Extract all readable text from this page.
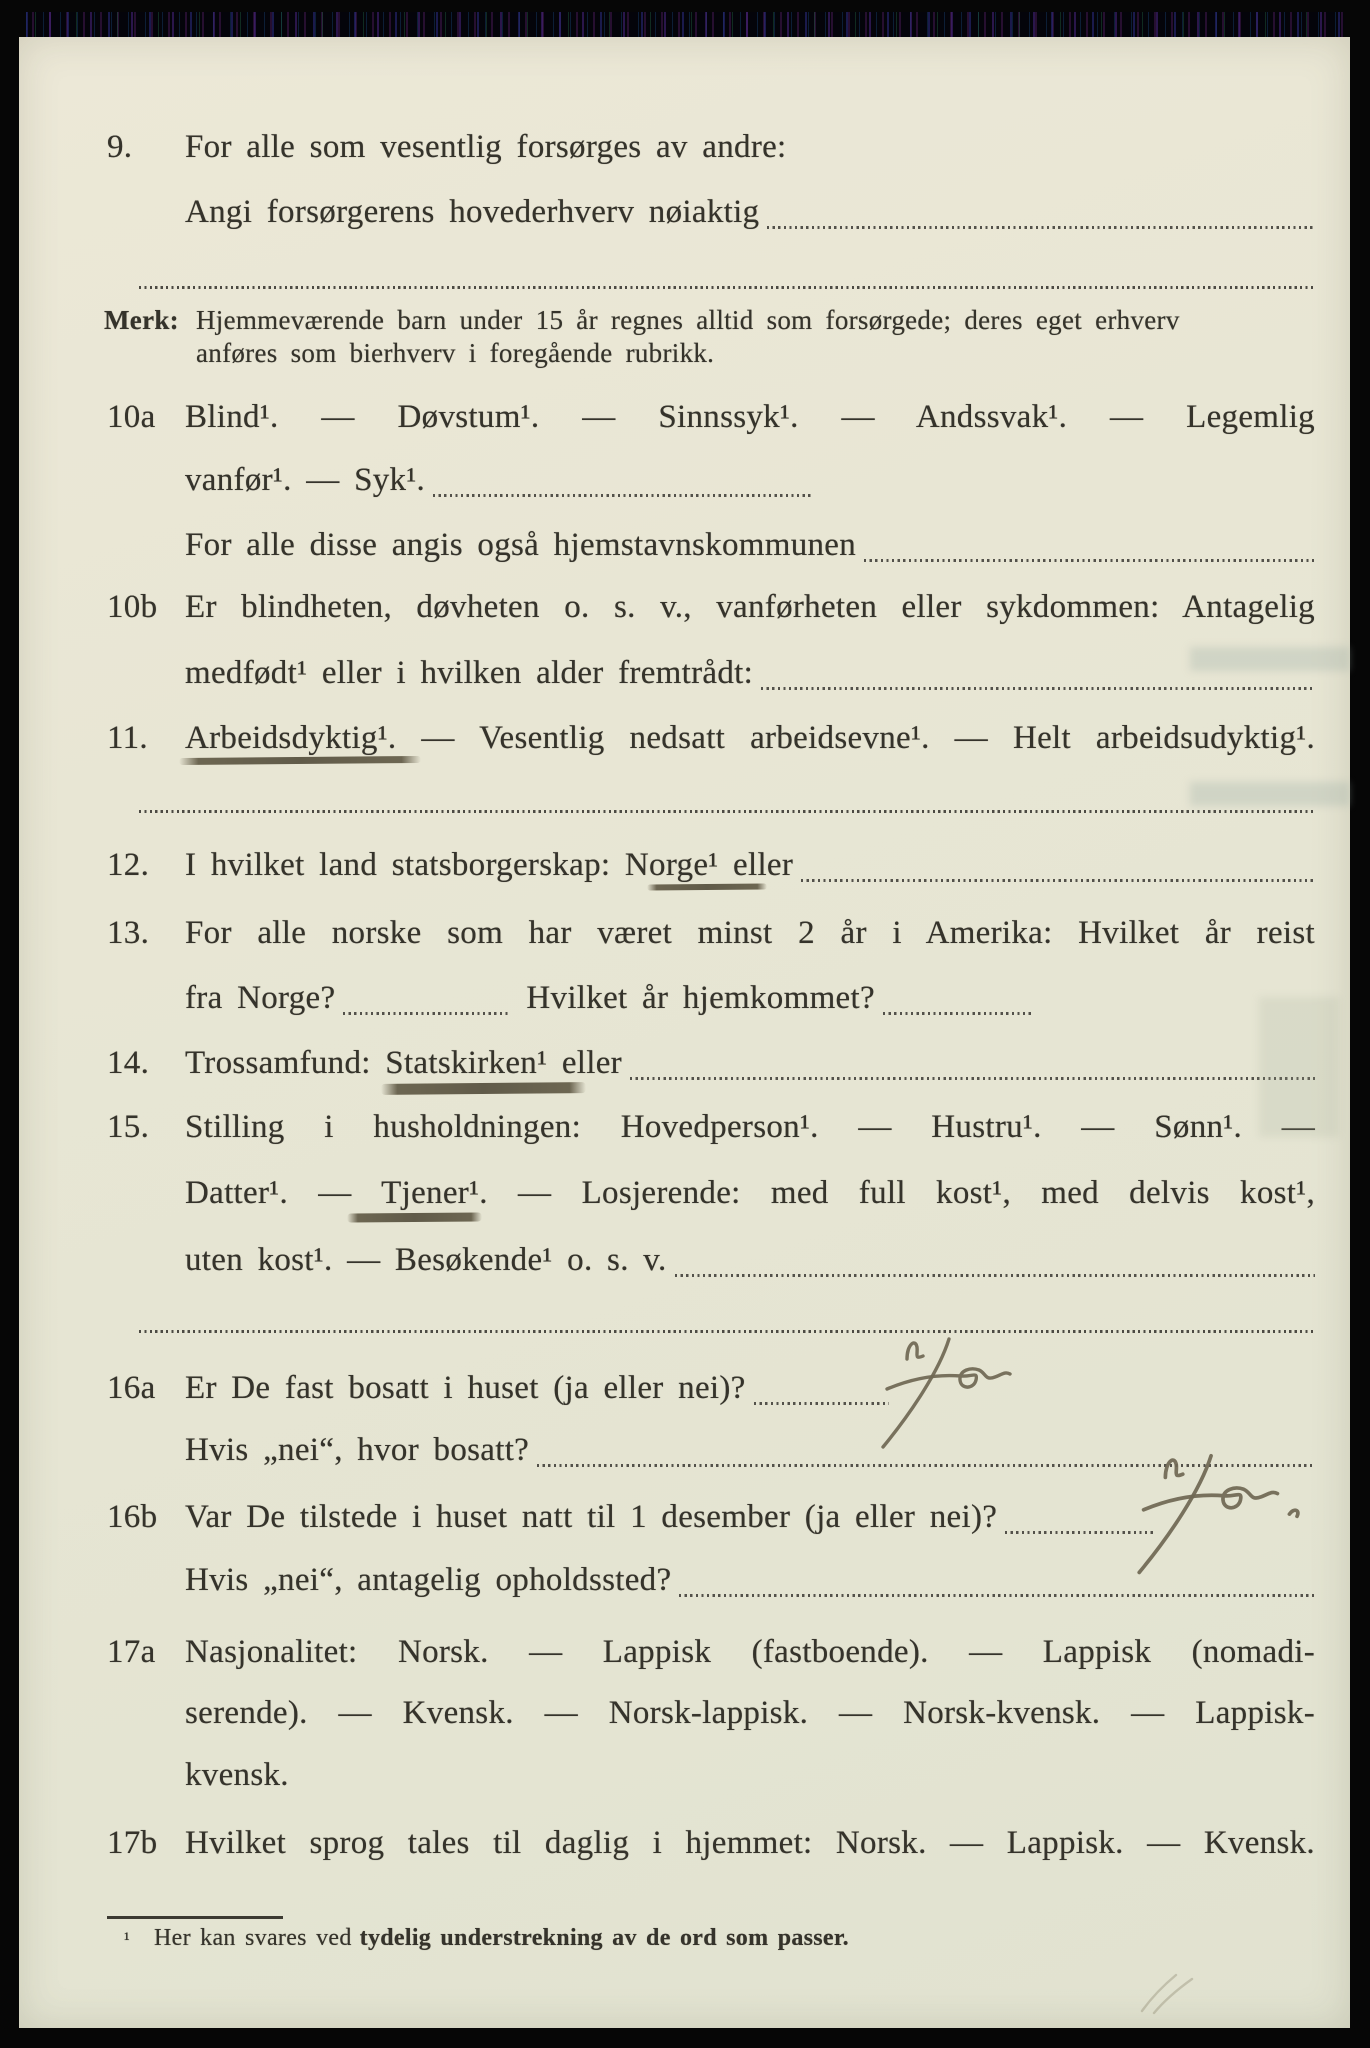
9.	For alle som vesentlig forsørges av andre:
Angi forsørgerens hovederhverv nøiaktig
Merk: Hjemmeværende barn under 15 år regnes alltid som forsørgede; deres eget erhverv
anføres som bierhverv i foregående rubrikk.
10a Blind¹. — Døvstum¹. — Sinnssyk¹. — Andssvak¹. — Legemlig
vanfør¹. — Syk¹.
For alle disse angis også hjemstavnskommunen
10b Er blindheten, døvheten o. s. v., vanførheten eller sykdommen: Antagelig
medfødt¹ eller i hvilken alder fremtrådt:
11.	Arbeidsdyktig¹. — Vesentlig nedsatt arbeidsevne¹. — Helt arbeidsudyktig¹.
12.	I hvilket land statsborgerskap: Norge¹ eller
13.	For alle norske som har været minst 2 år i Amerika: Hvilket år reist
fra Norge?	Hvilket år hjemkommet?
14.	Trossamfund: Statskirken¹ eller
15.	Stilling i husholdningen: Hovedperson¹. — Hustru¹. — Sønn¹. —
Datter¹. — Tjener¹. — Losjerende: med full kost¹, med delvis kost¹,
uten kost¹. — Besøkende¹ o. s. v.
16a Er De fast bosatt i huset (ja eller nei)?
Hvis „nei“, hvor bosatt?
16b Var De tilstede i huset natt til 1 desember (ja eller nei)?
Hvis „nei“, antagelig opholdssted?
17a Nasjonalitet: Norsk. — Lappisk (fastboende). — Lappisk (nomadi-
serende). — Kvensk. — Norsk-lappisk. — Norsk-kvensk. — Lappisk-
kvensk.
17b Hvilket sprog tales til daglig i hjemmet: Norsk. — Lappisk. — Kvensk.
¹	Her kan svares ved tydelig understrekning av de ord som passer.
